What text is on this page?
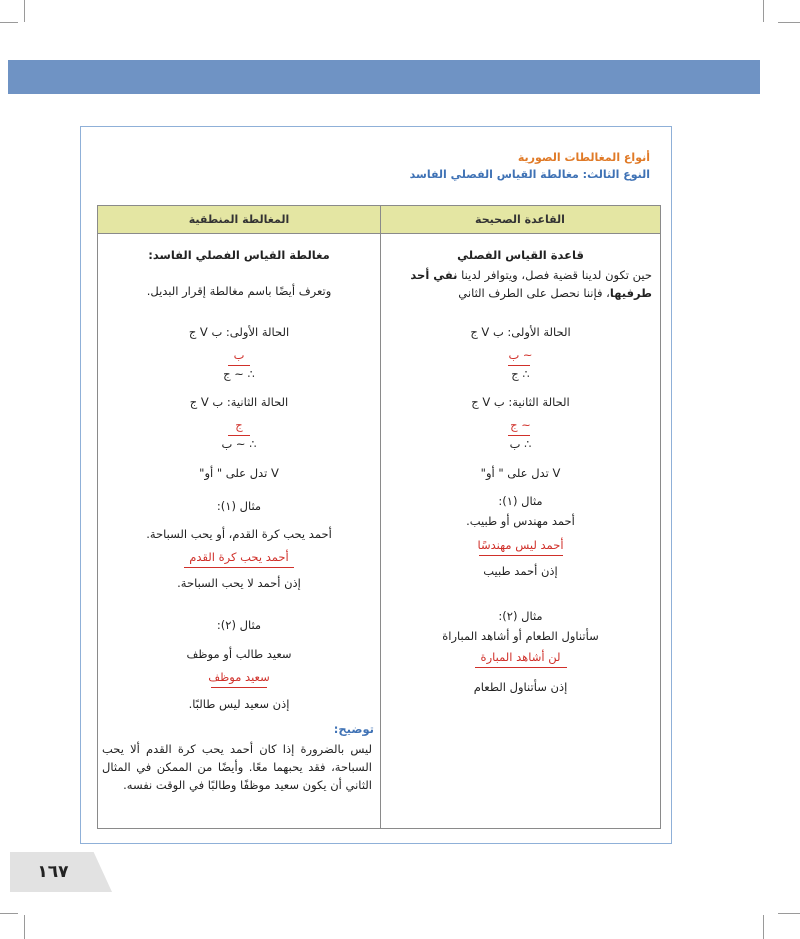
أنواع المغالطات الصورية
النوع الثالث: مغالطة القياس الفصلي الفاسد
القاعدة الصحيحة
المغالطة المنطقية
قاعدة القياس الفصلي
حين تكون لدينا قضية فصل، ويتوافر لدينا نفي أحد طرفيها، فإننا نحصل على الطرف الثاني
الحالة الأولى: ب V ج
~ ب
∴ ج
الحالة الثانية: ب V ج
~ ج
∴ ب
V تدل على " أو"
مثال (١):
أحمد مهندس أو طبيب.
أحمد ليس مهندسًا
إذن أحمد طبيب
مثال (٢):
سأتناول الطعام أو أشاهد المباراة
لن أشاهد المبارة
إذن سأتناول الطعام
مغالطة القياس الفصلي الفاسد:
وتعرف أيضًا باسم مغالطة إقرار البديل.
الحالة الأولى: ب V ج
ب
∴ ~ ج
الحالة الثانية: ب V ج
ج
∴ ~ ب
V تدل على " أو"
مثال (١):
أحمد يحب كرة القدم، أو يحب السباحة.
أحمد يحب كرة القدم
إذن أحمد لا يحب السباحة.
مثال (٢):
سعيد طالب أو موظف
سعيد موظف
إذن سعيد ليس طالبًا.
توضيح:
ليس بالضرورة إذا كان أحمد يحب كرة القدم ألا يحب السباحة، فقد يحبهما معًا. وأيضًا من الممكن في المثال الثاني أن يكون سعيد موظفًا وطالبًا في الوقت نفسه.
١٦٧
